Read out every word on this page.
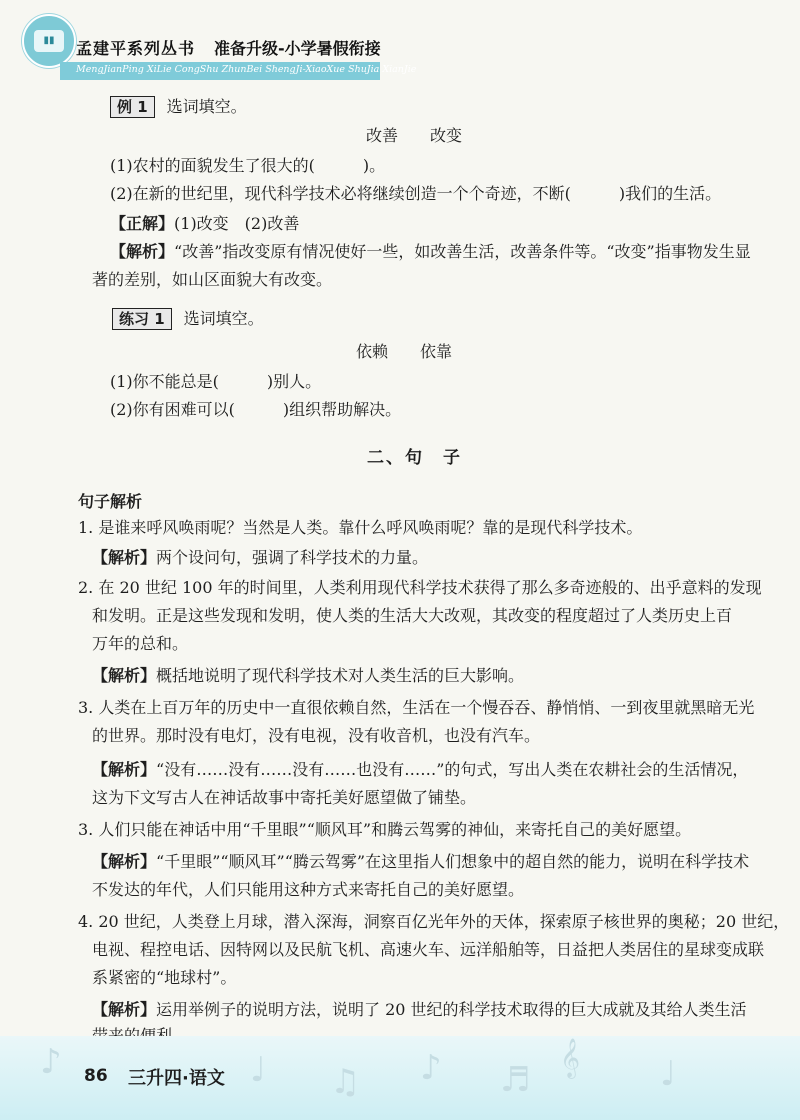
▮▮	孟建平系列丛书 准备升级-小学暑假衔接
MengJianPing XiLie CongShu ZhunBei ShengJi-XiaoXue ShuJia XianJie
例 1 选词填空。
改善　　改变
(1)农村的面貌发生了很大的(　　　)。
(2)在新的世纪里，现代科学技术必将继续创造一个个奇迹，不断(　　　)我们的生活。
【正解】(1)改变　(2)改善
【解析】“改善”指改变原有情况使好一些，如改善生活，改善条件等。“改变”指事物发生显
著的差别，如山区面貌大有改变。
练习 1 选词填空。
依赖　　依靠
(1)你不能总是(　　　)别人。
(2)你有困难可以(　　　)组织帮助解决。
二、句　子
句子解析
1. 是谁来呼风唤雨呢？当然是人类。靠什么呼风唤雨呢？靠的是现代科学技术。
【解析】两个设问句，强调了科学技术的力量。
2. 在 20 世纪 100 年的时间里，人类利用现代科学技术获得了那么多奇迹般的、出乎意料的发现
和发明。正是这些发现和发明，使人类的生活大大改观，其改变的程度超过了人类历史上百
万年的总和。
【解析】概括地说明了现代科学技术对人类生活的巨大影响。
3. 人类在上百万年的历史中一直很依赖自然，生活在一个慢吞吞、静悄悄、一到夜里就黑暗无光
的世界。那时没有电灯，没有电视，没有收音机，也没有汽车。
【解析】“没有……没有……没有……也没有……”的句式，写出人类在农耕社会的生活情况，
这为下文写古人在神话故事中寄托美好愿望做了铺垫。
3. 人们只能在神话中用“千里眼”“顺风耳”和腾云驾雾的神仙，来寄托自己的美好愿望。
【解析】“千里眼”“顺风耳”“腾云驾雾”在这里指人们想象中的超自然的能力，说明在科学技术
不发达的年代，人们只能用这种方式来寄托自己的美好愿望。
4. 20 世纪，人类登上月球，潜入深海，洞察百亿光年外的天体，探索原子核世界的奥秘；20 世纪，
电视、程控电话、因特网以及民航飞机、高速火车、远洋船舶等，日益把人类居住的星球变成联
系紧密的“地球村”。
【解析】运用举例子的说明方法，说明了 20 世纪的科学技术取得的巨大成就及其给人类生活
♪	♩ ♫ ♪ ♬
𝄞 ♩
86 三升四·语文
